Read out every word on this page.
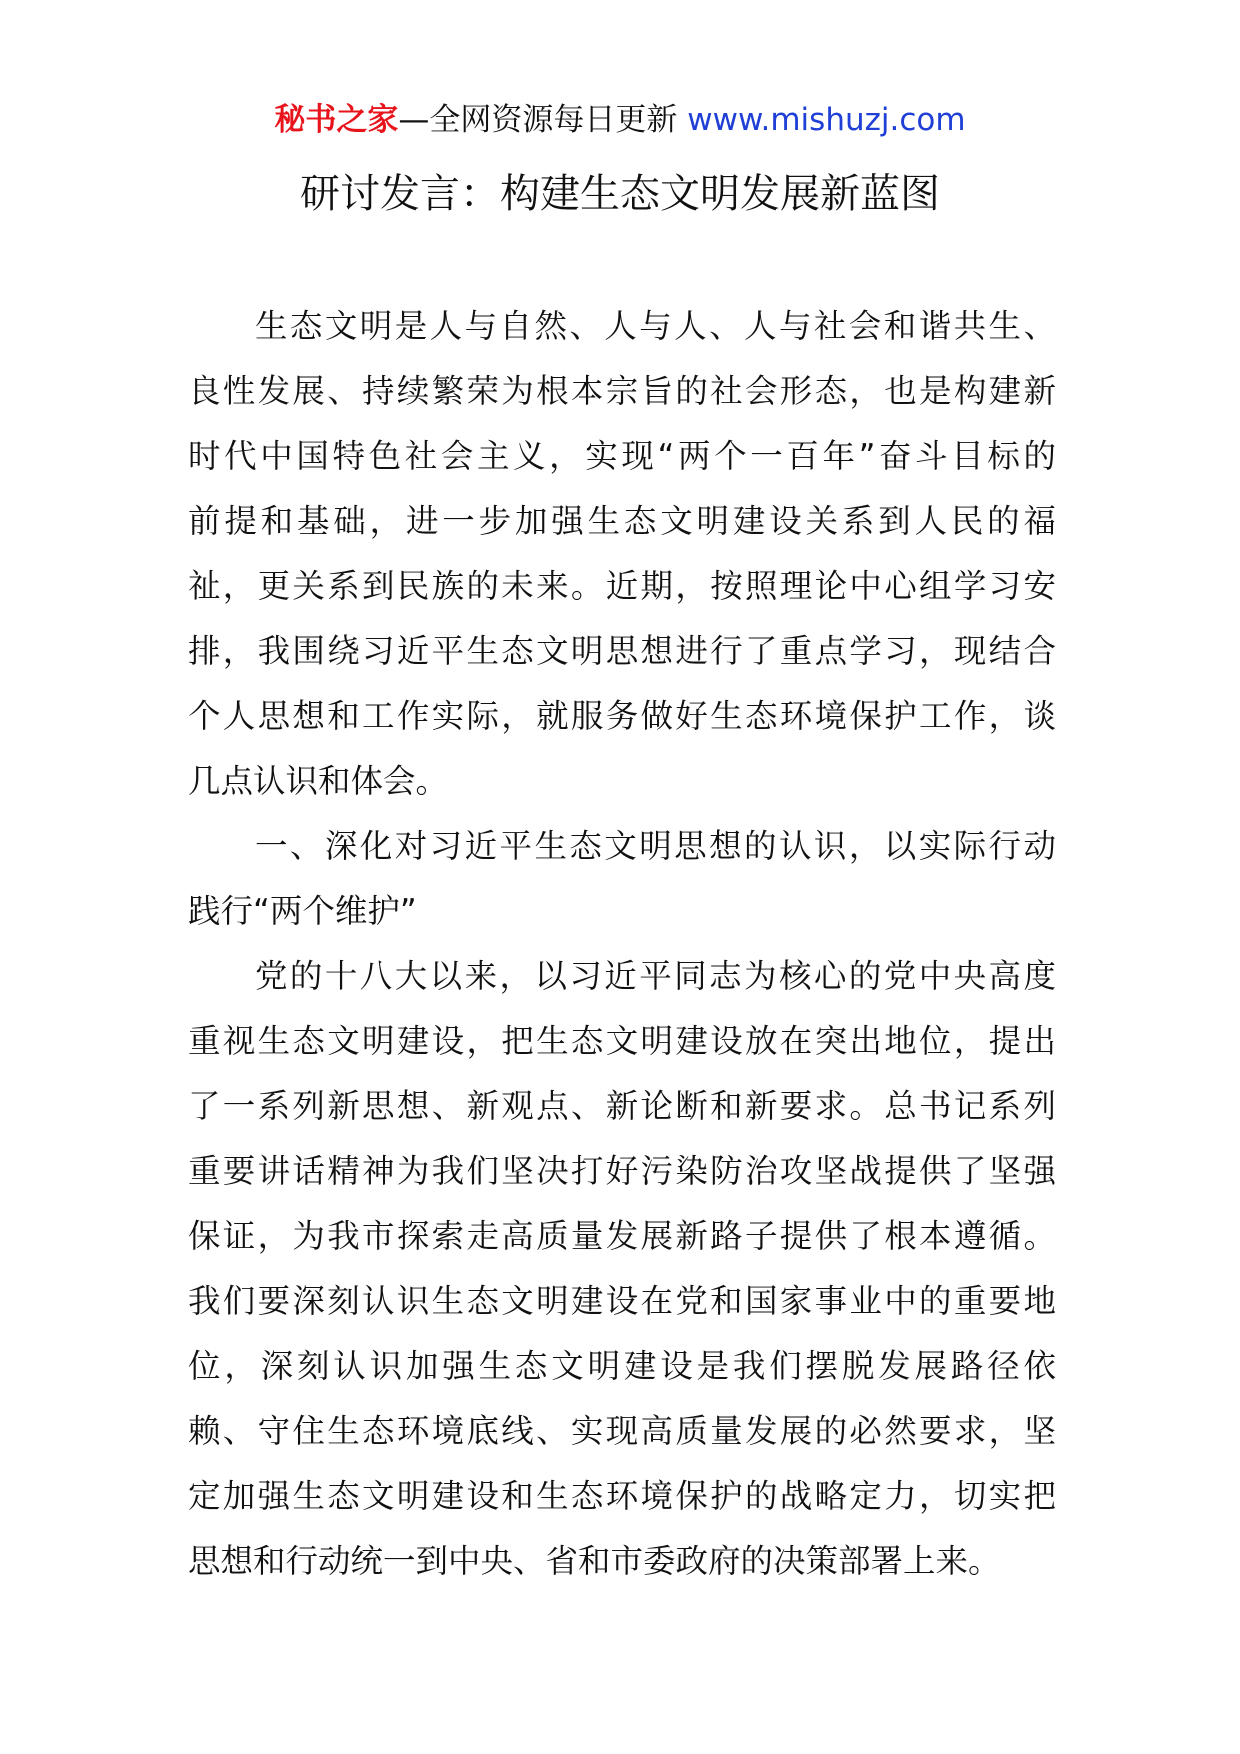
秘书之家—全网资源每日更新 www.mishuzj.com
研讨发言：构建生态文明发展新蓝图
生态文明是人与自然、人与人、人与社会和谐共生、
良性发展、持续繁荣为根本宗旨的社会形态，也是构建新
时代中国特色社会主义，实现“两个一百年”奋斗目标的
前提和基础，进一步加强生态文明建设关系到人民的福
祉，更关系到民族的未来。近期，按照理论中心组学习安
排，我围绕习近平生态文明思想进行了重点学习，现结合
个人思想和工作实际，就服务做好生态环境保护工作，谈
几点认识和体会。
一、深化对习近平生态文明思想的认识，以实际行动
践行“两个维护”
党的十八大以来，以习近平同志为核心的党中央高度
重视生态文明建设，把生态文明建设放在突出地位，提出
了一系列新思想、新观点、新论断和新要求。总书记系列
重要讲话精神为我们坚决打好污染防治攻坚战提供了坚强
保证，为我市探索走高质量发展新路子提供了根本遵循。
我们要深刻认识生态文明建设在党和国家事业中的重要地
位，深刻认识加强生态文明建设是我们摆脱发展路径依
赖、守住生态环境底线、实现高质量发展的必然要求，坚
定加强生态文明建设和生态环境保护的战略定力，切实把
思想和行动统一到中央、省和市委政府的决策部署上来。
